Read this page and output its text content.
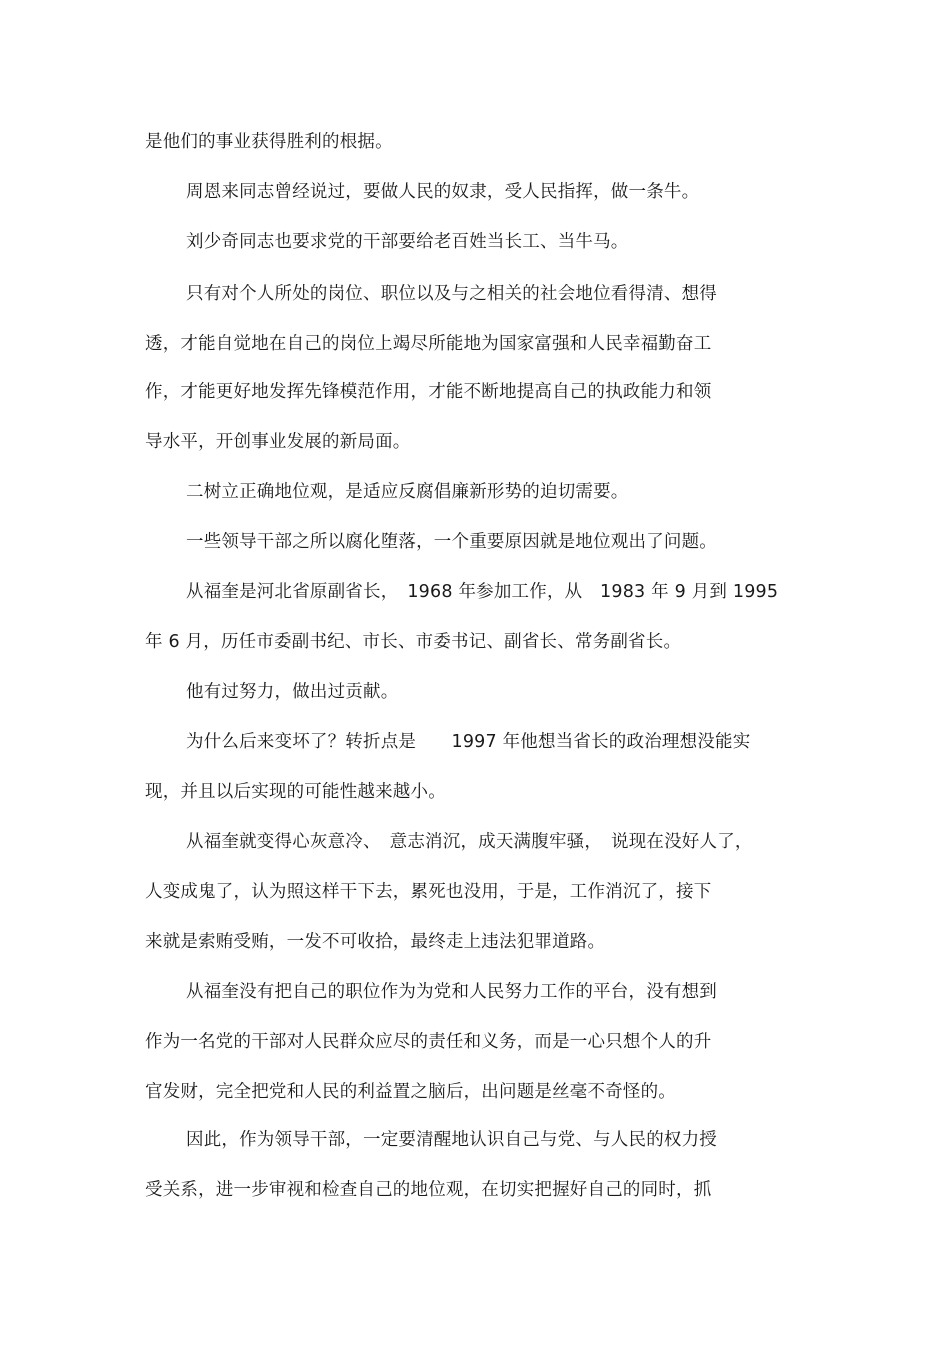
是他们的事业获得胜利的根据。

周恩来同志曾经说过，要做人民的奴隶，受人民指挥，做一条牛。

刘少奇同志也要求党的干部要给老百姓当长工、当牛马。

只有对个人所处的岗位、职位以及与之相关的社会地位看得清、想得

透，才能自觉地在自己的岗位上竭尽所能地为国家富强和人民幸福勤奋工

作，才能更好地发挥先锋模范作用，才能不断地提高自己的执政能力和领

导水平，开创事业发展的新局面。

二树立正确地位观，是适应反腐倡廉新形势的迫切需要。

一些领导干部之所以腐化堕落，一个重要原因就是地位观出了问题。

从福奎是河北省原副省长，　1968 年参加工作，从　1983 年 9 月到 1995

年 6 月，历任市委副书纪、市长、市委书记、副省长、常务副省长。

他有过努力，做出过贡献。

为什么后来变坏了？转折点是　　1997 年他想当省长的政治理想没能实

现，并且以后实现的可能性越来越小。

从福奎就变得心灰意冷、　意志消沉，成天满腹牢骚，　说现在没好人了，

人变成鬼了，认为照这样干下去，累死也没用，于是，工作消沉了，接下

来就是索贿受贿，一发不可收拾，最终走上违法犯罪道路。

从福奎没有把自己的职位作为为党和人民努力工作的平台，没有想到

作为一名党的干部对人民群众应尽的责任和义务，而是一心只想个人的升

官发财，完全把党和人民的利益置之脑后，出问题是丝毫不奇怪的。

因此，作为领导干部，一定要清醒地认识自己与党、与人民的权力授

受关系，进一步审视和检查自己的地位观，在切实把握好自己的同时，抓
